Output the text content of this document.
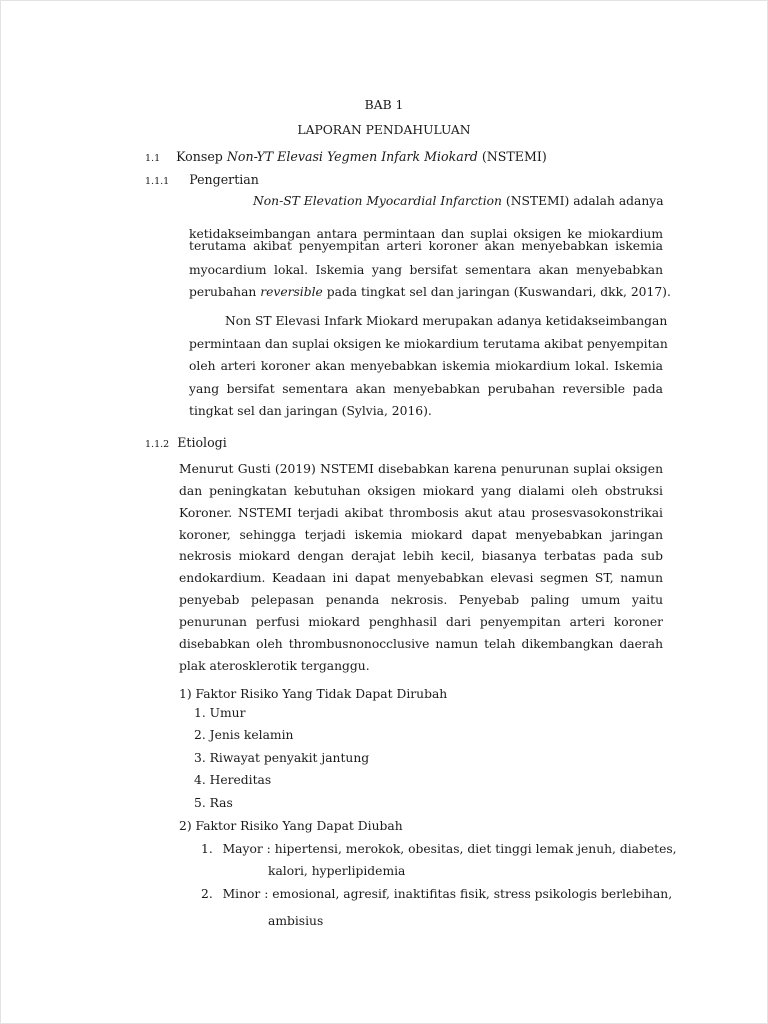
BAB 1
LAPORAN PENDAHULUAN
1.1 Konsep Non-YT Elevasi Yegmen Infark Miokard (NSTEMI)
1.1.1 Pengertian
Non-ST Elevation Myocardial Infarction (NSTEMI) adalah adanya
ketidakseimbangan antara permintaan dan suplai oksigen ke miokardium
terutama akibat penyempitan arteri koroner akan menyebabkan iskemia
myocardium lokal. Iskemia yang bersifat sementara akan menyebabkan
perubahan reversible pada tingkat sel dan jaringan (Kuswandari, dkk, 2017).
Non ST Elevasi Infark Miokard merupakan adanya ketidakseimbangan
permintaan dan suplai oksigen ke miokardium terutama akibat penyempitan
oleh arteri koroner akan menyebabkan iskemia miokardium lokal. Iskemia
yang bersifat sementara akan menyebabkan perubahan reversible pada
tingkat sel dan jaringan (Sylvia, 2016).
1.1.2 Etiologi
Menurut Gusti (2019) NSTEMI disebabkan karena penurunan suplai oksigen
dan peningkatan kebutuhan oksigen miokard yang dialami oleh obstruksi
Koroner. NSTEMI terjadi akibat thrombosis akut atau prosesvasokonstrikai
koroner, sehingga terjadi iskemia miokard dapat menyebabkan jaringan
nekrosis miokard dengan derajat lebih kecil, biasanya terbatas pada sub
endokardium. Keadaan ini dapat menyebabkan elevasi segmen ST, namun
penyebab pelepasan penanda nekrosis. Penyebab paling umum yaitu
penurunan perfusi miokard penghhasil dari penyempitan arteri koroner
disebabkan oleh thrombusnonocclusive namun telah dikembangkan daerah
plak aterosklerotik terganggu.
1) Faktor Risiko Yang Tidak Dapat Dirubah
1. Umur
2. Jenis kelamin
3. Riwayat penyakit jantung
4. Hereditas
5. Ras
2) Faktor Risiko Yang Dapat Diubah
1. Mayor : hipertensi, merokok, obesitas, diet tinggi lemak jenuh, diabetes,
kalori, hyperlipidemia
2. Minor : emosional, agresif, inaktifitas fisik, stress psikologis berlebihan,
ambisius
